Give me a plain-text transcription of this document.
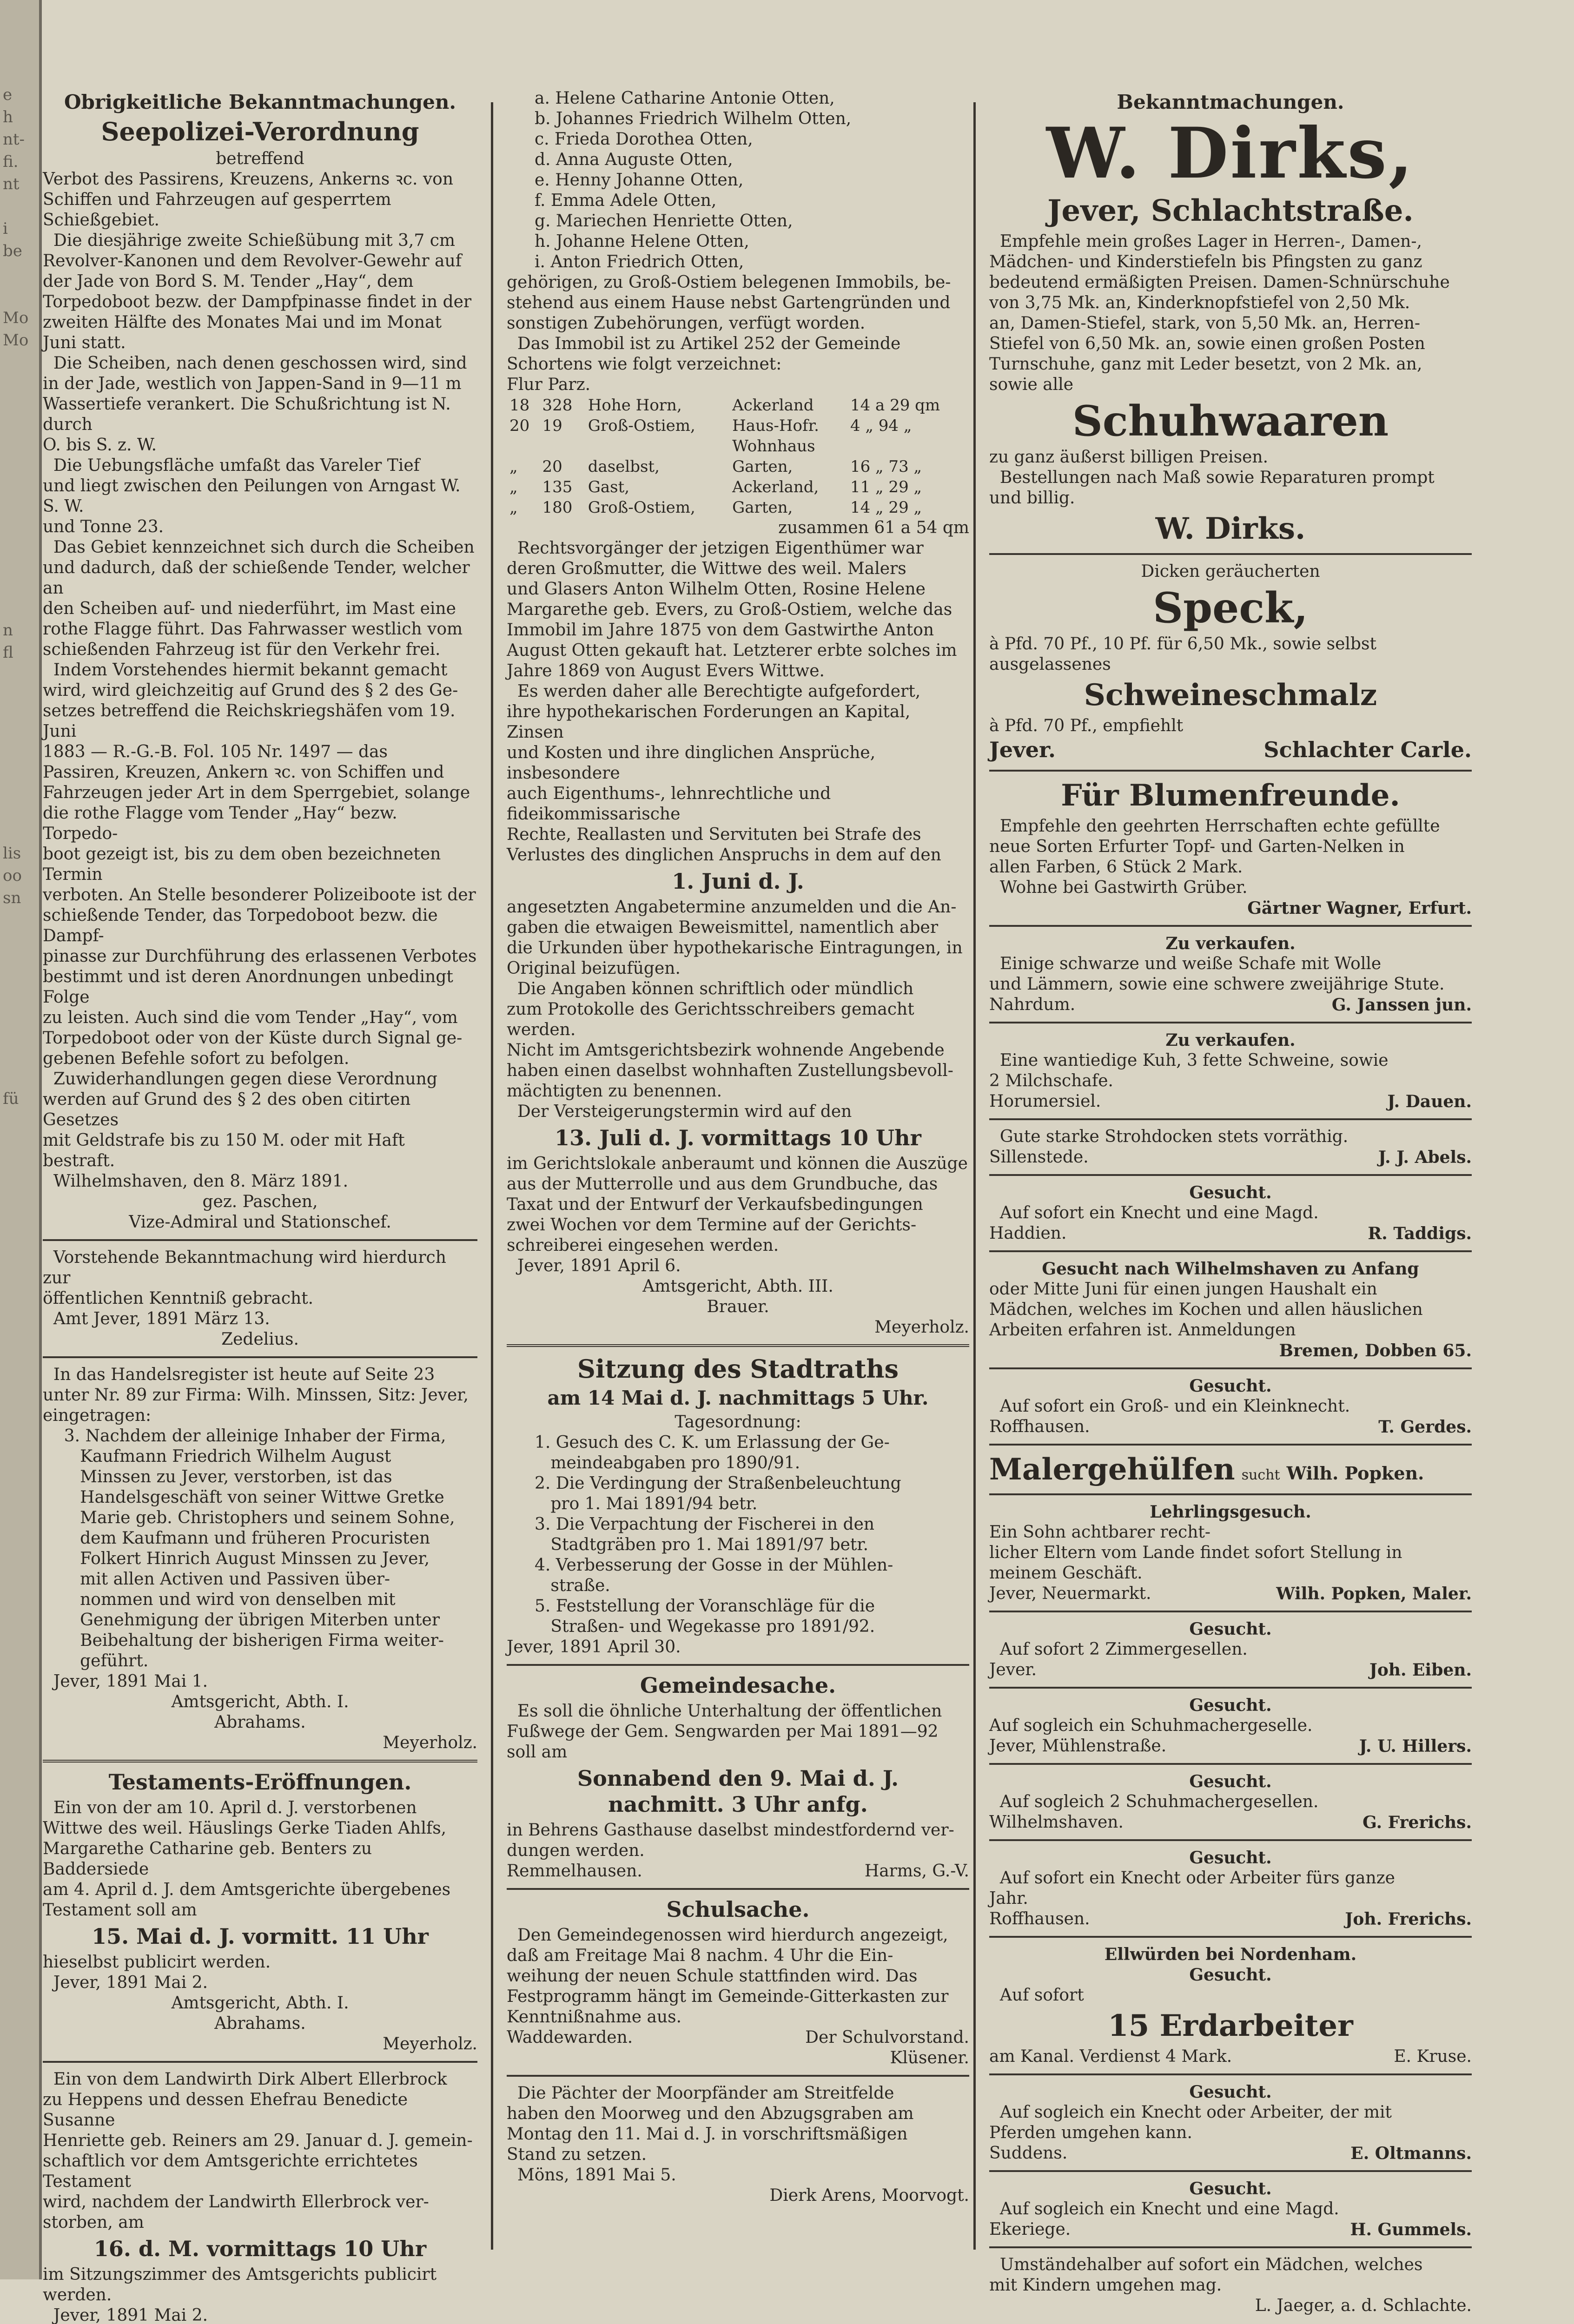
e
h
nt-
fi.
nt

i
be

Mo
Mo

n
fl

lis
oo
sn

fü

Obrigkeitliche Bekanntmachungen.

Seepolizei-Verordnung

betreffend

Verbot des Passirens, Kreuzens, Ankerns ꝛc. von
Schiffen und Fahrzeugen auf gesperrtem Schießgebiet.
Die diesjährige zweite Schießübung mit 3,7 cm
Revolver-Kanonen und dem Revolver-Gewehr auf
der Jade von Bord S. M. Tender „Hay“, dem
Torpedoboot bezw. der Dampfpinasse findet in der
zweiten Hälfte des Monates Mai und im Monat
Juni statt.
Die Scheiben, nach denen geschossen wird, sind
in der Jade, westlich von Jappen-Sand in 9—11 m
Wassertiefe verankert. Die Schußrichtung ist N. durch
O. bis S. z. W.
Die Uebungsfläche umfaßt das Vareler Tief
und liegt zwischen den Peilungen von Arngast W. S. W.
und Tonne 23.
Das Gebiet kennzeichnet sich durch die Scheiben
und dadurch, daß der schießende Tender, welcher an
den Scheiben auf- und niederführt, im Mast eine
rothe Flagge führt. Das Fahrwasser westlich vom
schießenden Fahrzeug ist für den Verkehr frei.
Indem Vorstehendes hiermit bekannt gemacht
wird, wird gleichzeitig auf Grund des § 2 des Ge-
setzes betreffend die Reichskriegshäfen vom 19. Juni
1883 — R.-G.-B. Fol. 105 Nr. 1497 — das
Passiren, Kreuzen, Ankern ꝛc. von Schiffen und
Fahrzeugen jeder Art in dem Sperrgebiet, solange
die rothe Flagge vom Tender „Hay“ bezw. Torpedo-
boot gezeigt ist, bis zu dem oben bezeichneten Termin
verboten. An Stelle besonderer Polizeiboote ist der
schießende Tender, das Torpedoboot bezw. die Dampf-
pinasse zur Durchführung des erlassenen Verbotes
bestimmt und ist deren Anordnungen unbedingt Folge
zu leisten. Auch sind die vom Tender „Hay“, vom
Torpedoboot oder von der Küste durch Signal ge-
gebenen Befehle sofort zu befolgen.
Zuwiderhandlungen gegen diese Verordnung
werden auf Grund des § 2 des oben citirten Gesetzes
mit Geldstrafe bis zu 150 M. oder mit Haft bestraft.
Wilhelmshaven, den 8. März 1891.

gez. Paschen,

Vize-Admiral und Stationschef.

Vorstehende Bekanntmachung wird hierdurch zur
öffentlichen Kenntniß gebracht.
Amt Jever, 1891 März 13.

Zedelius.

In das Handelsregister ist heute auf Seite 23
unter Nr. 89 zur Firma: Wilh. Minssen, Sitz: Jever,
eingetragen:
3. Nachdem der alleinige Inhaber der Firma,
Kaufmann Friedrich Wilhelm August
Minssen zu Jever, verstorben, ist das
Handelsgeschäft von seiner Wittwe Gretke
Marie geb. Christophers und seinem Sohne,
dem Kaufmann und früheren Procuristen
Folkert Hinrich August Minssen zu Jever,
mit allen Activen und Passiven über-
nommen und wird von denselben mit
Genehmigung der übrigen Miterben unter
Beibehaltung der bisherigen Firma weiter-
geführt.
Jever, 1891 Mai 1.

Amtsgericht, Abth. I.

Abrahams.

Meyerholz.

Testaments-Eröffnungen.

Ein von der am 10. April d. J. verstorbenen
Wittwe des weil. Häuslings Gerke Tiaden Ahlfs,
Margarethe Catharine geb. Benters zu Baddersiede
am 4. April d. J. dem Amtsgerichte übergebenes
Testament soll am

15. Mai d. J. vormitt. 11 Uhr

hieselbst publicirt werden.
Jever, 1891 Mai 2.

Amtsgericht, Abth. I.

Abrahams.

Meyerholz.

Ein von dem Landwirth Dirk Albert Ellerbrock
zu Heppens und dessen Ehefrau Benedicte Susanne
Henriette geb. Reiners am 29. Januar d. J. gemein-
schaftlich vor dem Amtsgerichte errichtetes Testament
wird, nachdem der Landwirth Ellerbrock ver-
storben, am

16. d. M. vormittags 10 Uhr

im Sitzungszimmer des Amtsgerichts publicirt werden.
Jever, 1891 Mai 2.

a. Helene Catharine Antonie Otten,
b. Johannes Friedrich Wilhelm Otten,
c. Frieda Dorothea Otten,
d. Anna Auguste Otten,
e. Henny Johanne Otten,
f. Emma Adele Otten,
g. Mariechen Henriette Otten,
h. Johanne Helene Otten,
i. Anton Friedrich Otten,

gehörigen, zu Groß-Ostiem belegenen Immobils, be-
stehend aus einem Hause nebst Gartengründen und
sonstigen Zubehörungen, verfügt worden.
Das Immobil ist zu Artikel 252 der Gemeinde
Schortens wie folgt verzeichnet:

Flur Parz.

18	328	Hohe Horn,	Ackerland	14 a 29 qm
20	19	Groß-Ostiem,	Haus-Hofr.	4 „ 94 „
			Wohnhaus	
„	20	daselbst,	Garten,	16 „ 73 „
„	135	Gast,	Ackerland,	11 „ 29 „
„	180	Groß-Ostiem,	Garten,	14 „ 29 „

zusammen 61 a 54 qm

Rechtsvorgänger der jetzigen Eigenthümer war
deren Großmutter, die Wittwe des weil. Malers
und Glasers Anton Wilhelm Otten, Rosine Helene
Margarethe geb. Evers, zu Groß-Ostiem, welche das
Immobil im Jahre 1875 von dem Gastwirthe Anton
August Otten gekauft hat. Letzterer erbte solches im
Jahre 1869 von August Evers Wittwe.
Es werden daher alle Berechtigte aufgefordert,
ihre hypothekarischen Forderungen an Kapital, Zinsen
und Kosten und ihre dinglichen Ansprüche, insbesondere
auch Eigenthums-, lehnrechtliche und fideikommissarische
Rechte, Reallasten und Servituten bei Strafe des
Verlustes des dinglichen Anspruchs in dem auf den

1. Juni d. J.

angesetzten Angabetermine anzumelden und die An-
gaben die etwaigen Beweismittel, namentlich aber
die Urkunden über hypothekarische Eintragungen, in
Original beizufügen.
Die Angaben können schriftlich oder mündlich
zum Protokolle des Gerichtsschreibers gemacht werden.
Nicht im Amtsgerichtsbezirk wohnende Angebende
haben einen daselbst wohnhaften Zustellungsbevoll-
mächtigten zu benennen.
Der Versteigerungstermin wird auf den

13. Juli d. J. vormittags 10 Uhr

im Gerichtslokale anberaumt und können die Auszüge
aus der Mutterrolle und aus dem Grundbuche, das
Taxat und der Entwurf der Verkaufsbedingungen
zwei Wochen vor dem Termine auf der Gerichts-
schreiberei eingesehen werden.
Jever, 1891 April 6.

Amtsgericht, Abth. III.

Brauer.

Meyerholz.

Sitzung des Stadtraths

am 14 Mai d. J. nachmittags 5 Uhr.

Tagesordnung:

1. Gesuch des C. K. um Erlassung der Ge-
meindeabgaben pro 1890/91.
2. Die Verdingung der Straßenbeleuchtung
pro 1. Mai 1891/94 betr.
3. Die Verpachtung der Fischerei in den
Stadtgräben pro 1. Mai 1891/97 betr.
4. Verbesserung der Gosse in der Mühlen-
straße.
5. Feststellung der Voranschläge für die
Straßen- und Wegekasse pro 1891/92.

Jever, 1891 April 30.

Gemeindesache.

Es soll die öhnliche Unterhaltung der öffentlichen
Fußwege der Gem. Sengwarden per Mai 1891—92
soll am

Sonnabend den 9. Mai d. J.
nachmitt. 3 Uhr anfg.

in Behrens Gasthause daselbst mindestfordernd ver-
dungen werden.

Remmelhausen.	Harms, G.-V.

Schulsache.

Den Gemeindegenossen wird hierdurch angezeigt,
daß am Freitage Mai 8 nachm. 4 Uhr die Ein-
weihung der neuen Schule stattfinden wird. Das
Festprogramm hängt im Gemeinde-Gitterkasten zur
Kenntnißnahme aus.

Waddewarden.	Der Schulvorstand.

Klüsener.

Die Pächter der Moorpfänder am Streitfelde
haben den Moorweg und den Abzugsgraben am
Montag den 11. Mai d. J. in vorschriftsmäßigen
Stand zu setzen.
Möns, 1891 Mai 5.

Dierk Arens, Moorvogt.

Bekanntmachungen.

W. Dirks,

Jever, Schlachtstraße.

Empfehle mein großes Lager in Herren-, Damen-,
Mädchen- und Kinderstiefeln bis Pfingsten zu ganz
bedeutend ermäßigten Preisen. Damen-Schnürschuhe
von 3,75 Mk. an, Kinderknopfstiefel von 2,50 Mk.
an, Damen-Stiefel, stark, von 5,50 Mk. an, Herren-
Stiefel von 6,50 Mk. an, sowie einen großen Posten
Turnschuhe, ganz mit Leder besetzt, von 2 Mk. an,
sowie alle

Schuhwaaren

zu ganz äußerst billigen Preisen.
Bestellungen nach Maß sowie Reparaturen prompt
und billig.

W. Dirks.

Dicken geräucherten

Speck,

à Pfd. 70 Pf., 10 Pf. für 6,50 Mk., sowie selbst
ausgelassenes

Schweineschmalz

à Pfd. 70 Pf., empfiehlt

Jever.	Schlachter Carle.

Für Blumenfreunde.

Empfehle den geehrten Herrschaften echte gefüllte
neue Sorten Erfurter Topf- und Garten-Nelken in
allen Farben, 6 Stück 2 Mark.
Wohne bei Gastwirth Grüber.

Gärtner Wagner, Erfurt.

Zu verkaufen.

Einige schwarze und weiße Schafe mit Wolle
und Lämmern, sowie eine schwere zweijährige Stute.

Nahrdum.	G. Janssen jun.

Zu verkaufen.

Eine wantiedige Kuh, 3 fette Schweine, sowie
2 Milchschafe.

Horumersiel.	J. Dauen.

Gute starke Strohdocken stets vorräthig.

Sillenstede.	J. J. Abels.

Gesucht.

Auf sofort ein Knecht und eine Magd.

Haddien.	R. Taddigs.

Gesucht nach Wilhelmshaven zu Anfang

oder Mitte Juni für einen jungen Haushalt ein
Mädchen, welches im Kochen und allen häuslichen
Arbeiten erfahren ist. Anmeldungen

Bremen, Dobben 65.

Gesucht.

Auf sofort ein Groß- und ein Kleinknecht.

Roffhausen.	T. Gerdes.
Malergehülfen sucht Wilh. Popken.

Lehrlingsgesuch.

Ein Sohn achtbarer recht-
licher Eltern vom Lande findet sofort Stellung in
meinem Geschäft.

Jever, Neuermarkt.	Wilh. Popken, Maler.

Gesucht.

Auf sofort 2 Zimmergesellen.

Jever.	Joh. Eiben.

Gesucht.

Auf sogleich ein Schuhmachergeselle.

Jever, Mühlenstraße.	J. U. Hillers.

Gesucht.

Auf sogleich 2 Schuhmachergesellen.

Wilhelmshaven.	G. Frerichs.

Gesucht.

Auf sofort ein Knecht oder Arbeiter fürs ganze
Jahr.

Roffhausen.	Joh. Frerichs.

Ellwürden bei Nordenham.

Gesucht.

Auf sofort

15 Erdarbeiter

am Kanal. Verdienst 4 Mark.	E. Kruse.

Gesucht.

Auf sogleich ein Knecht oder Arbeiter, der mit
Pferden umgehen kann.

Suddens.	E. Oltmanns.

Gesucht.

Auf sogleich ein Knecht und eine Magd.

Ekeriege.	H. Gummels.

Umständehalber auf sofort ein Mädchen, welches
mit Kindern umgehen mag.

L. Jaeger, a. d. Schlachte.
